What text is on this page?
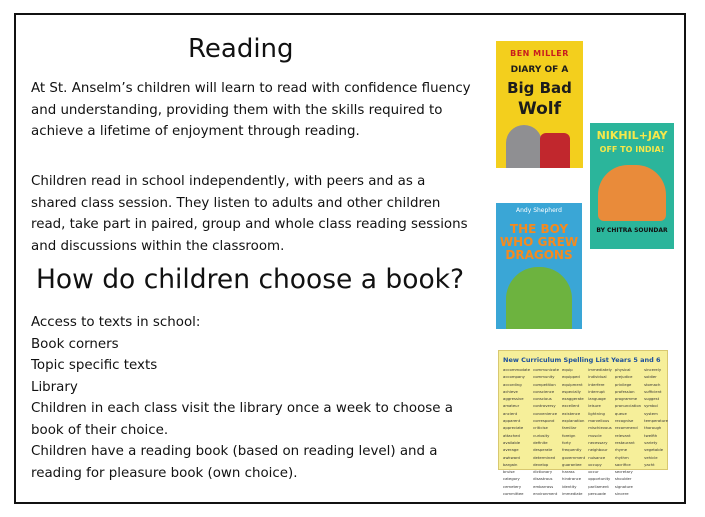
Reading
At St. Anselm’s children will learn to read with confidence fluency and understanding, providing them with the skills required to achieve a lifetime of enjoyment through reading.
Children read in school independently, with peers and as a shared class session. They listen to adults and other children read, take part in paired, group and whole class reading sessions and discussions within the classroom.
How do children choose a book?
Access to texts in school:
Book corners
Topic specific texts
Library
Children in each class visit the library once a week to choose a book of their choice.
Children have a reading book (based on reading level) and a reading for pleasure book (own choice).
BEN MILLER
DIARY OF A
Big Bad
Wolf
NIKHIL+JAY
OFF TO INDIA!
BY CHITRA SOUNDAR
Andy Shepherd
THE BOY
WHO GREW
DRAGONS
New Curriculum Spelling List Years 5 and 6
accommodate
accompany
according
achieve
aggressive
amateur
ancient
apparent
appreciate
attached
available
average
awkward
bargain
bruise
category
cemetery
committee
communicate
community
competition
conscience
conscious
controversy
convenience
correspond
criticise
curiosity
definite
desperate
determined
develop
dictionary
disastrous
embarrass
environment
equip
equipped
equipment
especially
exaggerate
excellent
existence
explanation
familiar
foreign
forty
frequently
government
guarantee
harass
hindrance
identity
immediate
immediately
individual
interfere
interrupt
language
leisure
lightning
marvellous
mischievous
muscle
necessary
neighbour
nuisance
occupy
occur
opportunity
parliament
persuade
physical
prejudice
privilege
profession
programme
pronunciation
queue
recognise
recommend
relevant
restaurant
rhyme
rhythm
sacrifice
secretary
shoulder
signature
sincere
sincerely
soldier
stomach
sufficient
suggest
symbol
system
temperature
thorough
twelfth
variety
vegetable
vehicle
yacht
